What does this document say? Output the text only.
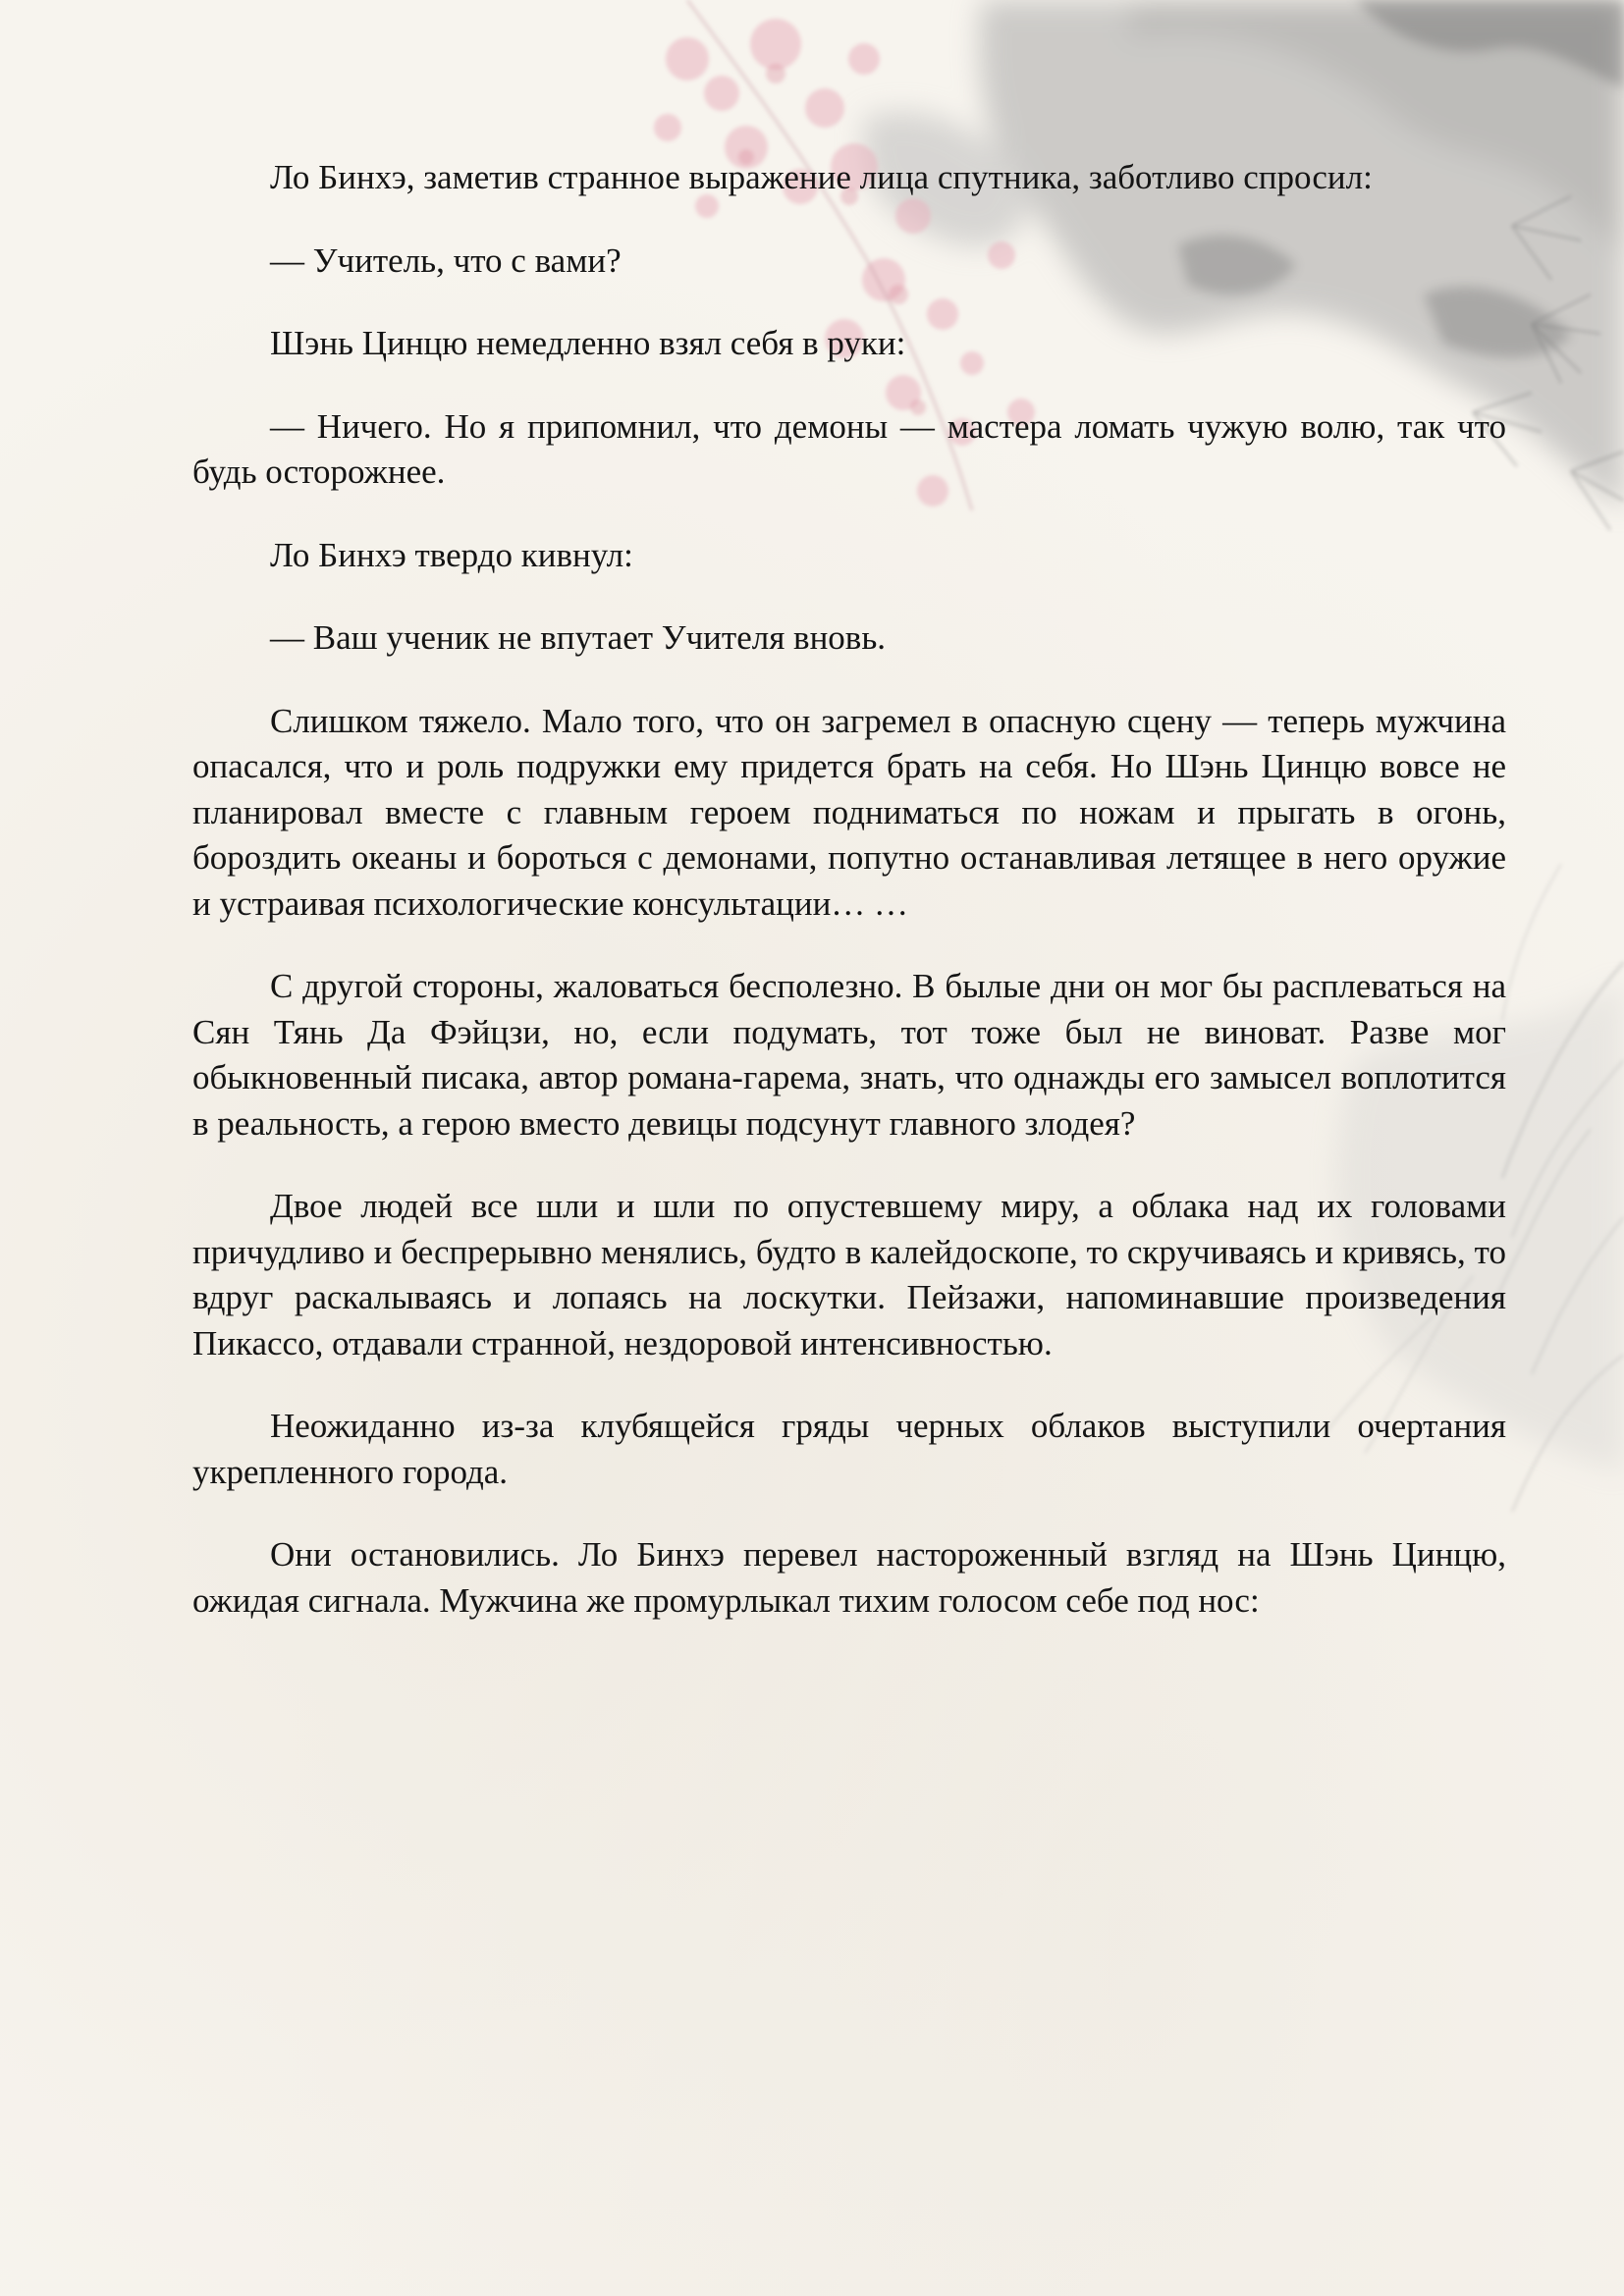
Ло Бинхэ, заметив странное выражение лица спутника, заботливо спросил:

— Учитель, что с вами?

Шэнь Цинцю немедленно взял себя в руки:

— Ничего. Но я припомнил, что демоны — мастера ломать чужую волю, так что будь осторожнее.

Ло Бинхэ твердо кивнул:

— Ваш ученик не впутает Учителя вновь.

Слишком тяжело. Мало того, что он загремел в опасную сцену — теперь мужчина опасался, что и роль подружки ему придется брать на себя. Но Шэнь Цинцю вовсе не планировал вместе с главным героем подниматься по ножам и прыгать в огонь, бороздить океаны и бороться с демонами, попутно останавливая летящее в него оружие и устраивая психологические консультации… …

С другой стороны, жаловаться бесполезно. В былые дни он мог бы расплеваться на Сян Тянь Да Фэйцзи, но, если подумать, тот тоже был не виноват. Разве мог обыкновенный писака, автор романа-гарема, знать, что однажды его замысел воплотится в реальность, а герою вместо девицы подсунут главного злодея?

Двое людей все шли и шли по опустевшему миру, а облака над их головами причудливо и беспрерывно менялись, будто в калейдоскопе, то скручиваясь и кривясь, то вдруг раскалываясь и лопаясь на лоскутки. Пейзажи, напоминавшие произведения Пикассо, отдавали странной, нездоровой интенсивностью.

Неожиданно из-за клубящейся гряды черных облаков выступили очертания укрепленного города.

Они остановились. Ло Бинхэ перевел настороженный взгляд на Шэнь Цинцю, ожидая сигнала. Мужчина же промурлыкал тихим голосом себе под нос:
